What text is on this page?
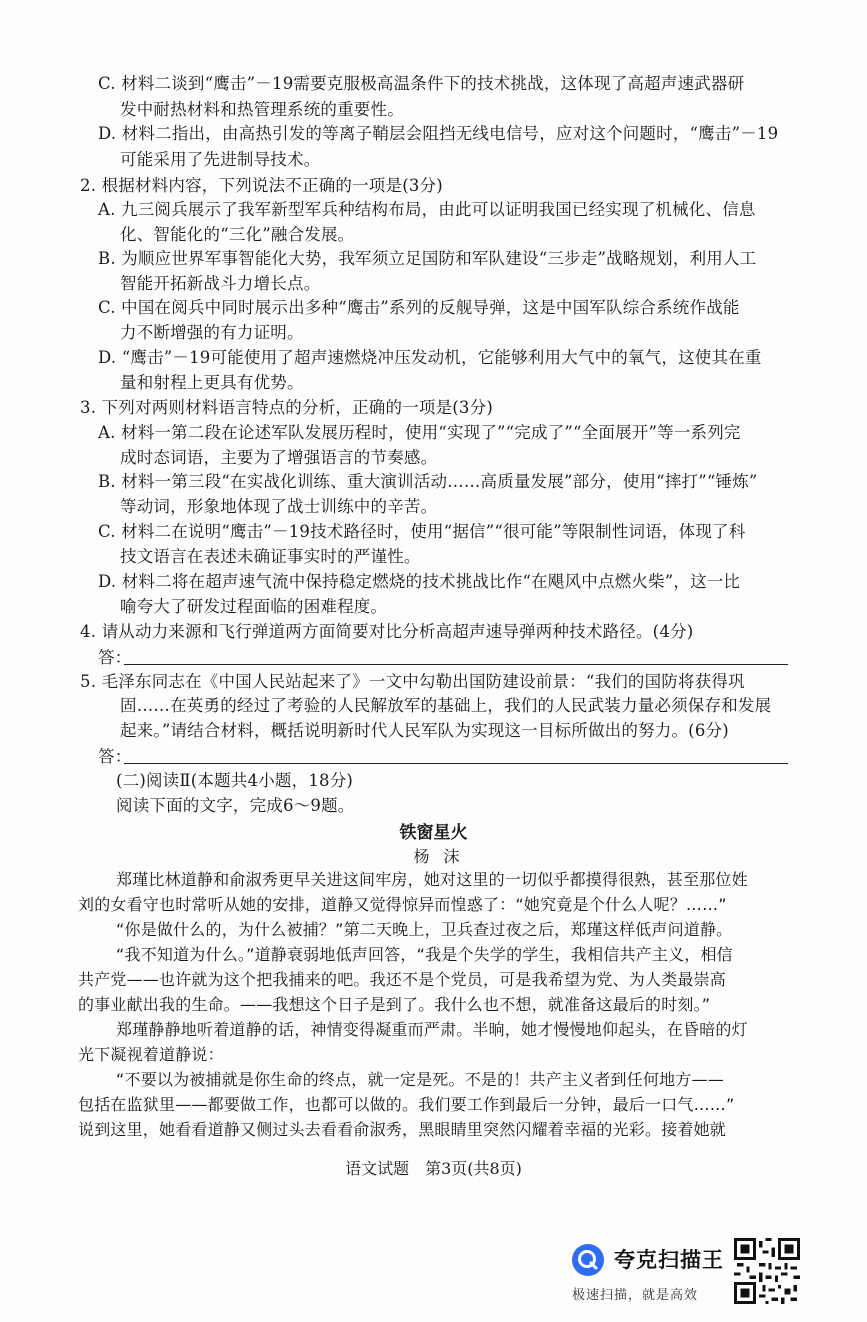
C. 材料二谈到“鹰击”－19需要克服极高温条件下的技术挑战，这体现了高超声速武器研
发中耐热材料和热管理系统的重要性。
D. 材料二指出，由高热引发的等离子鞘层会阻挡无线电信号，应对这个问题时，“鹰击”－19
可能采用了先进制导技术。
2. 根据材料内容，下列说法不正确的一项是(3分)
A. 九三阅兵展示了我军新型军兵种结构布局，由此可以证明我国已经实现了机械化、信息
化、智能化的“三化”融合发展。
B. 为顺应世界军事智能化大势，我军须立足国防和军队建设“三步走”战略规划，利用人工
智能开拓新战斗力增长点。
C. 中国在阅兵中同时展示出多种“鹰击”系列的反舰导弹，这是中国军队综合系统作战能
力不断增强的有力证明。
D. “鹰击”－19可能使用了超声速燃烧冲压发动机，它能够利用大气中的氧气，这使其在重
量和射程上更具有优势。
3. 下列对两则材料语言特点的分析，正确的一项是(3分)
A. 材料一第二段在论述军队发展历程时，使用“实现了”“完成了”“全面展开”等一系列完
成时态词语，主要为了增强语言的节奏感。
B. 材料一第三段“在实战化训练、重大演训活动……高质量发展”部分，使用“摔打”“锤炼”
等动词，形象地体现了战士训练中的辛苦。
C. 材料二在说明“鹰击”－19技术路径时，使用“据信”“很可能”等限制性词语，体现了科
技文语言在表述未确证事实时的严谨性。
D. 材料二将在超声速气流中保持稳定燃烧的技术挑战比作“在飓风中点燃火柴”，这一比
喻夸大了研发过程面临的困难程度。
4. 请从动力来源和飞行弹道两方面简要对比分析高超声速导弹两种技术路径。(4分)
答：
5. 毛泽东同志在《中国人民站起来了》一文中勾勒出国防建设前景：“我们的国防将获得巩
固……在英勇的经过了考验的人民解放军的基础上，我们的人民武装力量必须保存和发展
起来。”请结合材料，概括说明新时代人民军队为实现这一目标所做出的努力。(6分)
答：
(二)阅读Ⅱ(本题共4小题，18分)
阅读下面的文字，完成6～9题。
铁窗星火
杨沫
郑瑾比林道静和俞淑秀更早关进这间牢房，她对这里的一切似乎都摸得很熟，甚至那位姓
刘的女看守也时常听从她的安排，道静又觉得惊异而惶惑了：“她究竟是个什么人呢？……”
“你是做什么的，为什么被捕？”第二天晚上，卫兵查过夜之后，郑瑾这样低声问道静。
“我不知道为什么。”道静衰弱地低声回答，“我是个失学的学生，我相信共产主义，相信
共产党——也许就为这个把我捕来的吧。我还不是个党员，可是我希望为党、为人类最崇高
的事业献出我的生命。——我想这个日子是到了。我什么也不想，就准备这最后的时刻。”
郑瑾静静地听着道静的话，神情变得凝重而严肃。半晌，她才慢慢地仰起头，在昏暗的灯
光下凝视着道静说：
“不要以为被捕就是你生命的终点，就一定是死。不是的！共产主义者到任何地方——
包括在监狱里——都要做工作，也都可以做的。我们要工作到最后一分钟，最后一口气……”
说到这里，她看看道静又侧过头去看看俞淑秀，黑眼睛里突然闪耀着幸福的光彩。接着她就
语文试题　第3页(共8页)
夸克扫描王
极速扫描，就是高效
